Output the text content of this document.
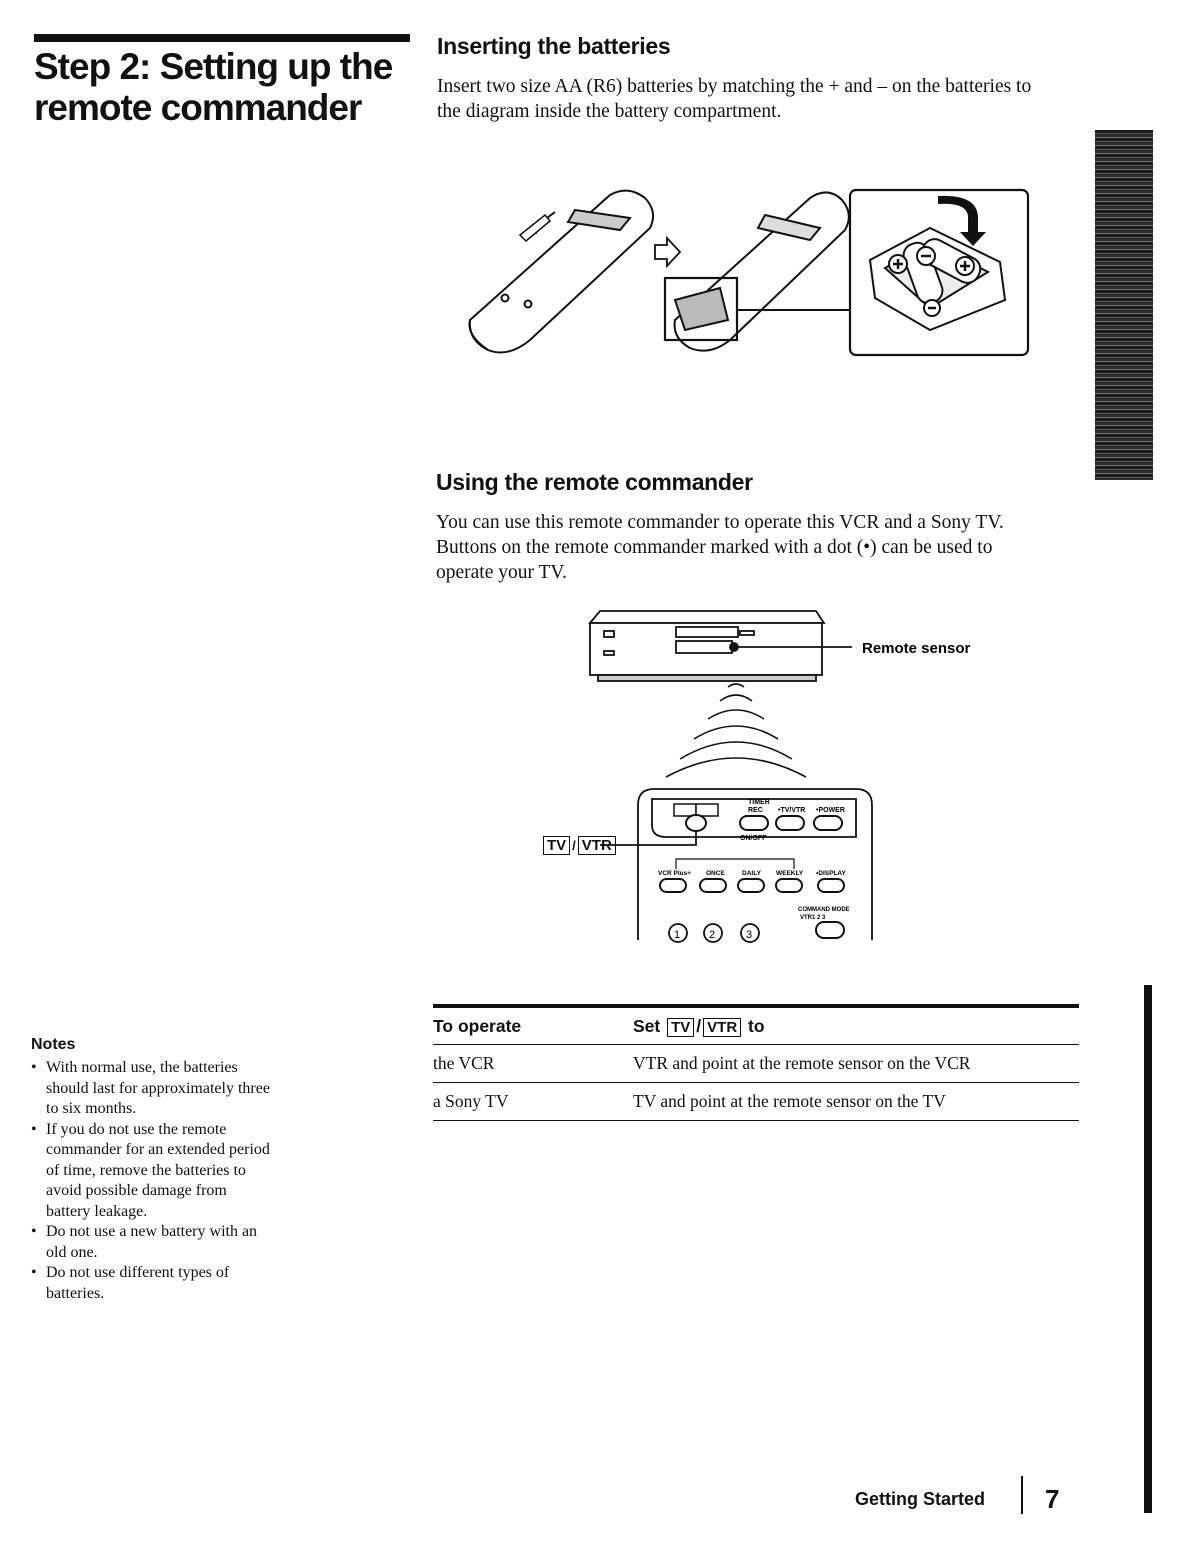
Step 2: Setting up the remote commander
Inserting the batteries
Insert two size AA (R6) batteries by matching the + and – on the batteries to the diagram inside the battery compartment.
Using the remote commander
You can use this remote commander to operate this VCR and a Sony TV. Buttons on the remote commander marked with a dot (•) can be used to operate your TV.
Remote sensor
TIMER
REC •TV/VTR •POWER
ON/OFF
VCR Plus+ ONCE	DAILY WEEKLY •DISPLAY
COMMAND MODE
VTR1 2 3
1	2	3
TV / VTR
To operate	Set TV / VTR to
the VCR	VTR and point at the remote sensor on the VCR
a Sony TV	TV and point at the remote sensor on the TV
Notes
• With normal use, the batteries should last for approximately three to six months.
• If you do not use the remote commander for an extended period of time, remove the batteries to avoid possible damage from battery leakage.
• Do not use a new battery with an old one.
• Do not use different types of batteries.
Getting Started 7
